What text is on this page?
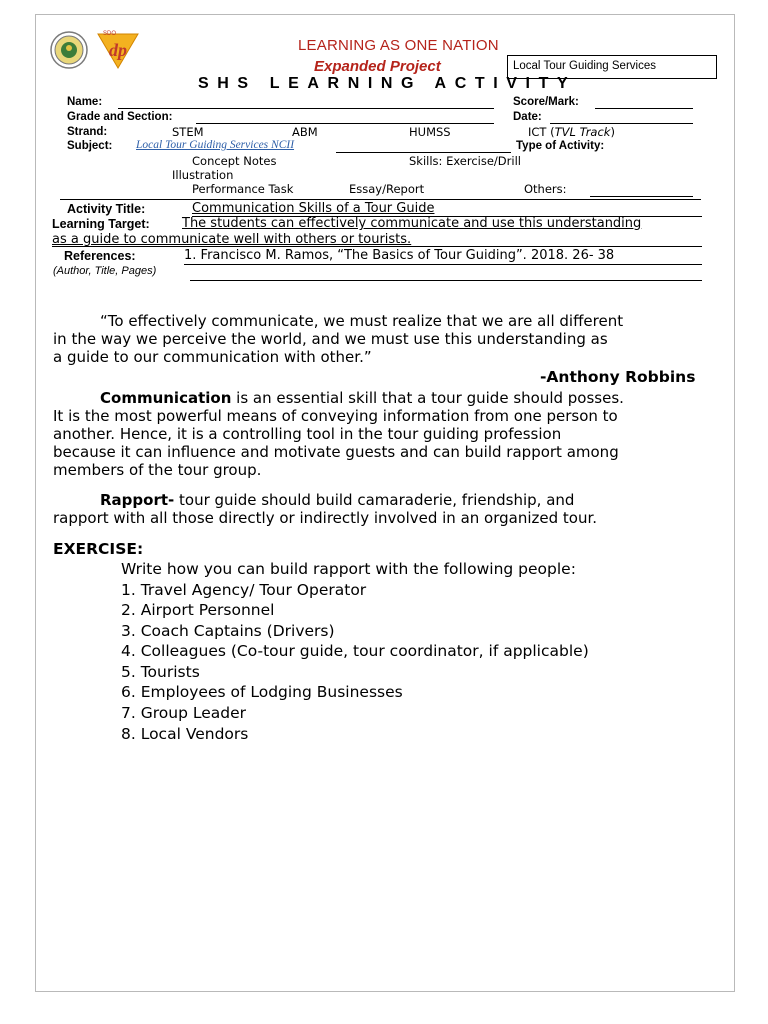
dp
SDO
LEARNING AS ONE NATION
Expanded Project
SHS LEARNING ACTIVITY
Local Tour Guiding Services
Name:	Score/Mark:
Grade and Section:	Date:
Strand:	STEM	ABM	HUMSS	ICT (TVL Track)
Subject: Local Tour Guiding Services NCII	Type of Activity:
Concept Notes	Skills: Exercise/Drill
Illustration
Performance Task	Essay/Report	Others:
Activity Title:	Communication Skills of a Tour Guide
Learning Target: The students can effectively communicate and use this understanding
as a guide to communicate well with others or tourists.
References:	1. Francisco M. Ramos, “The Basics of Tour Guiding”. 2018. 26- 38
(Author, Title, Pages)
“To effectively communicate, we must realize that we are all different
in the way we perceive the world, and we must use this understanding as
a guide to our communication with other.”
-Anthony Robbins
Communication is an essential skill that a tour guide should posses.
It is the most powerful means of conveying information from one person to
another. Hence, it is a controlling tool in the tour guiding profession
because it can influence and motivate guests and can build rapport among
members of the tour group.
Rapport- tour guide should build camaraderie, friendship, and
rapport with all those directly or indirectly involved in an organized tour.
EXERCISE:
Write how you can build rapport with the following people:
1. Travel Agency/ Tour Operator
2. Airport Personnel
3. Coach Captains (Drivers)
4. Colleagues (Co-tour guide, tour coordinator, if applicable)
5. Tourists
6. Employees of Lodging Businesses
7. Group Leader
8. Local Vendors
